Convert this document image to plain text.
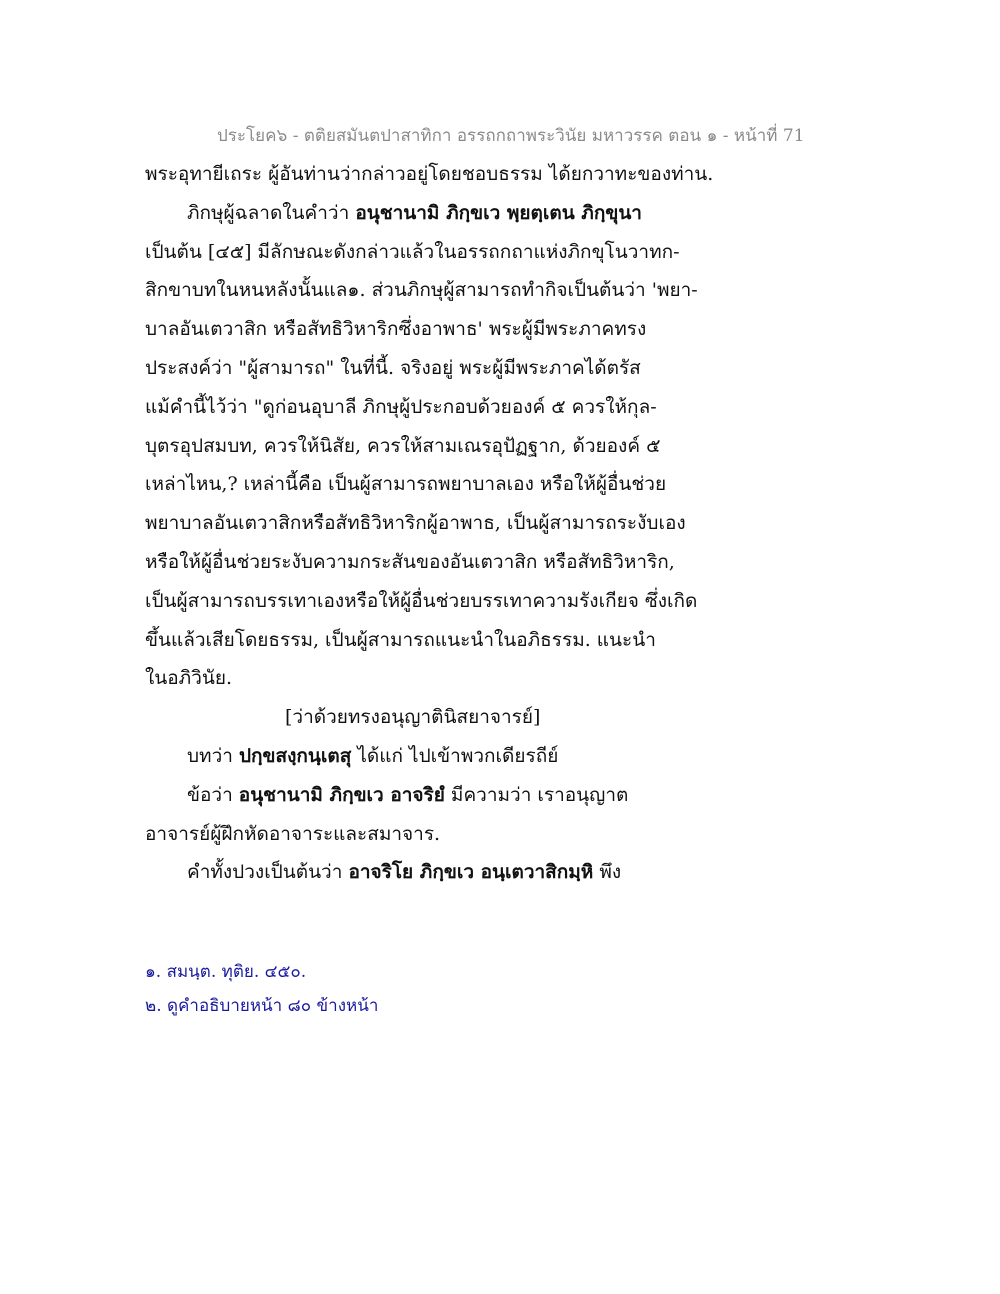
ประโยค๖ - ตติยสมันตปาสาทิกา อรรถกถาพระวินัย มหาวรรค ตอน ๑ - หน้าที่ 71
พระอุทายีเถระ ผู้อันท่านว่ากล่าวอยู่โดยชอบธรรม ได้ยกวาทะของท่าน.
ภิกษุผู้ฉลาดในคำว่า อนุชานามิ ภิกฺขเว พฺยตฺเตน ภิกฺขุนา
เป็นต้น [๔๕] มีลักษณะดังกล่าวแล้วในอรรถกถาแห่งภิกขุโนวาทก-
สิกขาบทในหนหลังนั้นแล๑. ส่วนภิกษุผู้สามารถทำกิจเป็นต้นว่า 'พยา-
บาลอันเตวาสิก หรือสัทธิวิหาริกซึ่งอาพาธ' พระผู้มีพระภาคทรง
ประสงค์ว่า "ผู้สามารถ" ในที่นี้. จริงอยู่ พระผู้มีพระภาคได้ตรัส
แม้คำนี้ไว้ว่า "ดูก่อนอุบาลี ภิกษุผู้ประกอบด้วยองค์ ๕ ควรให้กุล-
บุตรอุปสมบท, ควรให้นิสัย, ควรให้สามเณรอุปัฏฐาก, ด้วยองค์ ๕
เหล่าไหน,? เหล่านี้คือ เป็นผู้สามารถพยาบาลเอง หรือให้ผู้อื่นช่วย
พยาบาลอันเตวาสิกหรือสัทธิวิหาริกผู้อาพาธ, เป็นผู้สามารถระงับเอง
หรือให้ผู้อื่นช่วยระงับความกระสันของอันเตวาสิก หรือสัทธิวิหาริก,
เป็นผู้สามารถบรรเทาเองหรือให้ผู้อื่นช่วยบรรเทาความรังเกียจ ซึ่งเกิด
ขึ้นแล้วเสียโดยธรรม, เป็นผู้สามารถแนะนำในอภิธรรม. แนะนำ
ในอภิวินัย.
[ว่าด้วยทรงอนุญาตินิสยาจารย์]
บทว่า ปกฺขสงฺกนฺเตสุ ได้แก่ ไปเข้าพวกเดียรถีย์
ข้อว่า อนุชานามิ ภิกฺขเว อาจริยํ มีความว่า เราอนุญาต
อาจารย์ผู้ฝึกหัดอาจาระและสมาจาร.
คำทั้งปวงเป็นต้นว่า อาจริโย ภิกฺขเว อนฺเตวาสิกมฺหิ พึง
๑. สมนฺต. ทุติย. ๔๕๐.
๒. ดูคำอธิบายหน้า ๘๐ ข้างหน้า
